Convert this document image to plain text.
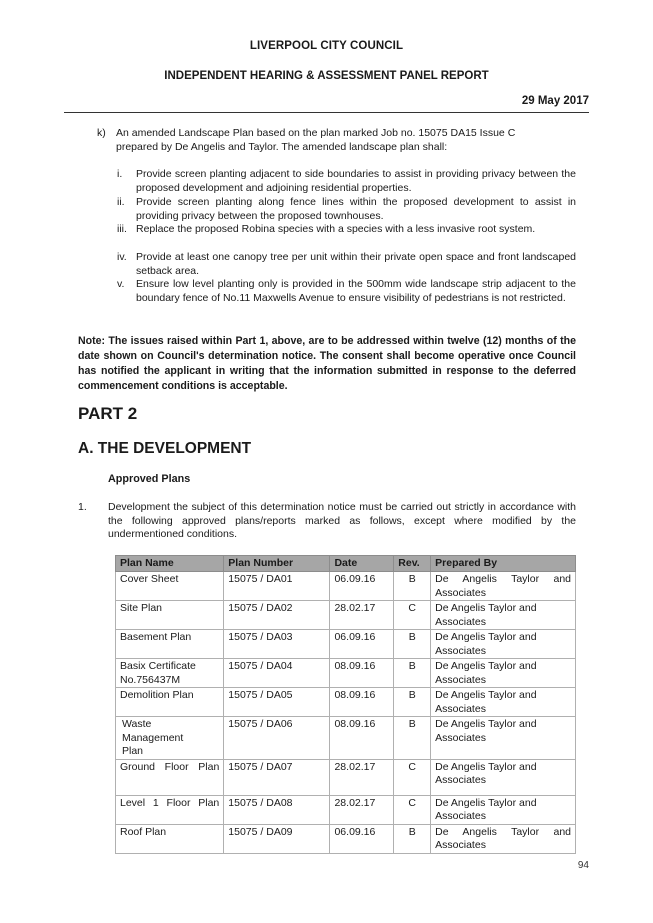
LIVERPOOL CITY COUNCIL
INDEPENDENT HEARING & ASSESSMENT PANEL REPORT
29 May 2017
k) An amended Landscape Plan based on the plan marked Job no. 15075 DA15 Issue C
prepared by De Angelis and Taylor. The amended landscape plan shall:
i. Provide screen planting adjacent to side boundaries to assist in providing privacy between the proposed development and adjoining residential properties.
ii. Provide screen planting along fence lines within the proposed development to assist in providing privacy between the proposed townhouses.
iii. Replace the proposed Robina species with a species with a less invasive root system.
iv. Provide at least one canopy tree per unit within their private open space and front landscaped setback area.
v. Ensure low level planting only is provided in the 500mm wide landscape strip adjacent to the boundary fence of No.11 Maxwells Avenue to ensure visibility of pedestrians is not restricted.
Note: The issues raised within Part 1, above, are to be addressed within twelve (12) months of the date shown on Council's determination notice. The consent shall become operative once Council has notified the applicant in writing that the information submitted in response to the deferred commencement conditions is acceptable.
PART 2
A. THE DEVELOPMENT
Approved Plans
1. Development the subject of this determination notice must be carried out strictly in accordance with the following approved plans/reports marked as follows, except where modified by the undermentioned conditions.
Plan Name	Plan Number	Date	Rev.	Prepared By
Cover Sheet	15075 / DA01	06.09.16	B	De Angelis Taylor and Associates
Site Plan	15075 / DA02	28.02.17	C	De Angelis Taylor and Associates
Basement Plan	15075 / DA03	06.09.16	B	De Angelis Taylor and Associates
Basix Certificate No.756437M	15075 / DA04	08.09.16	B	De Angelis Taylor and Associates
Demolition Plan	15075 / DA05	08.09.16	B	De Angelis Taylor and Associates
Waste Management Plan	15075 / DA06	08.09.16	B	De Angelis Taylor and Associates
Ground Floor Plan	15075 / DA07	28.02.17	C	De Angelis Taylor and Associates
Level 1 Floor Plan	15075 / DA08	28.02.17	C	De Angelis Taylor and Associates
Roof Plan	15075 / DA09	06.09.16	B	De Angelis Taylor and Associates
94
